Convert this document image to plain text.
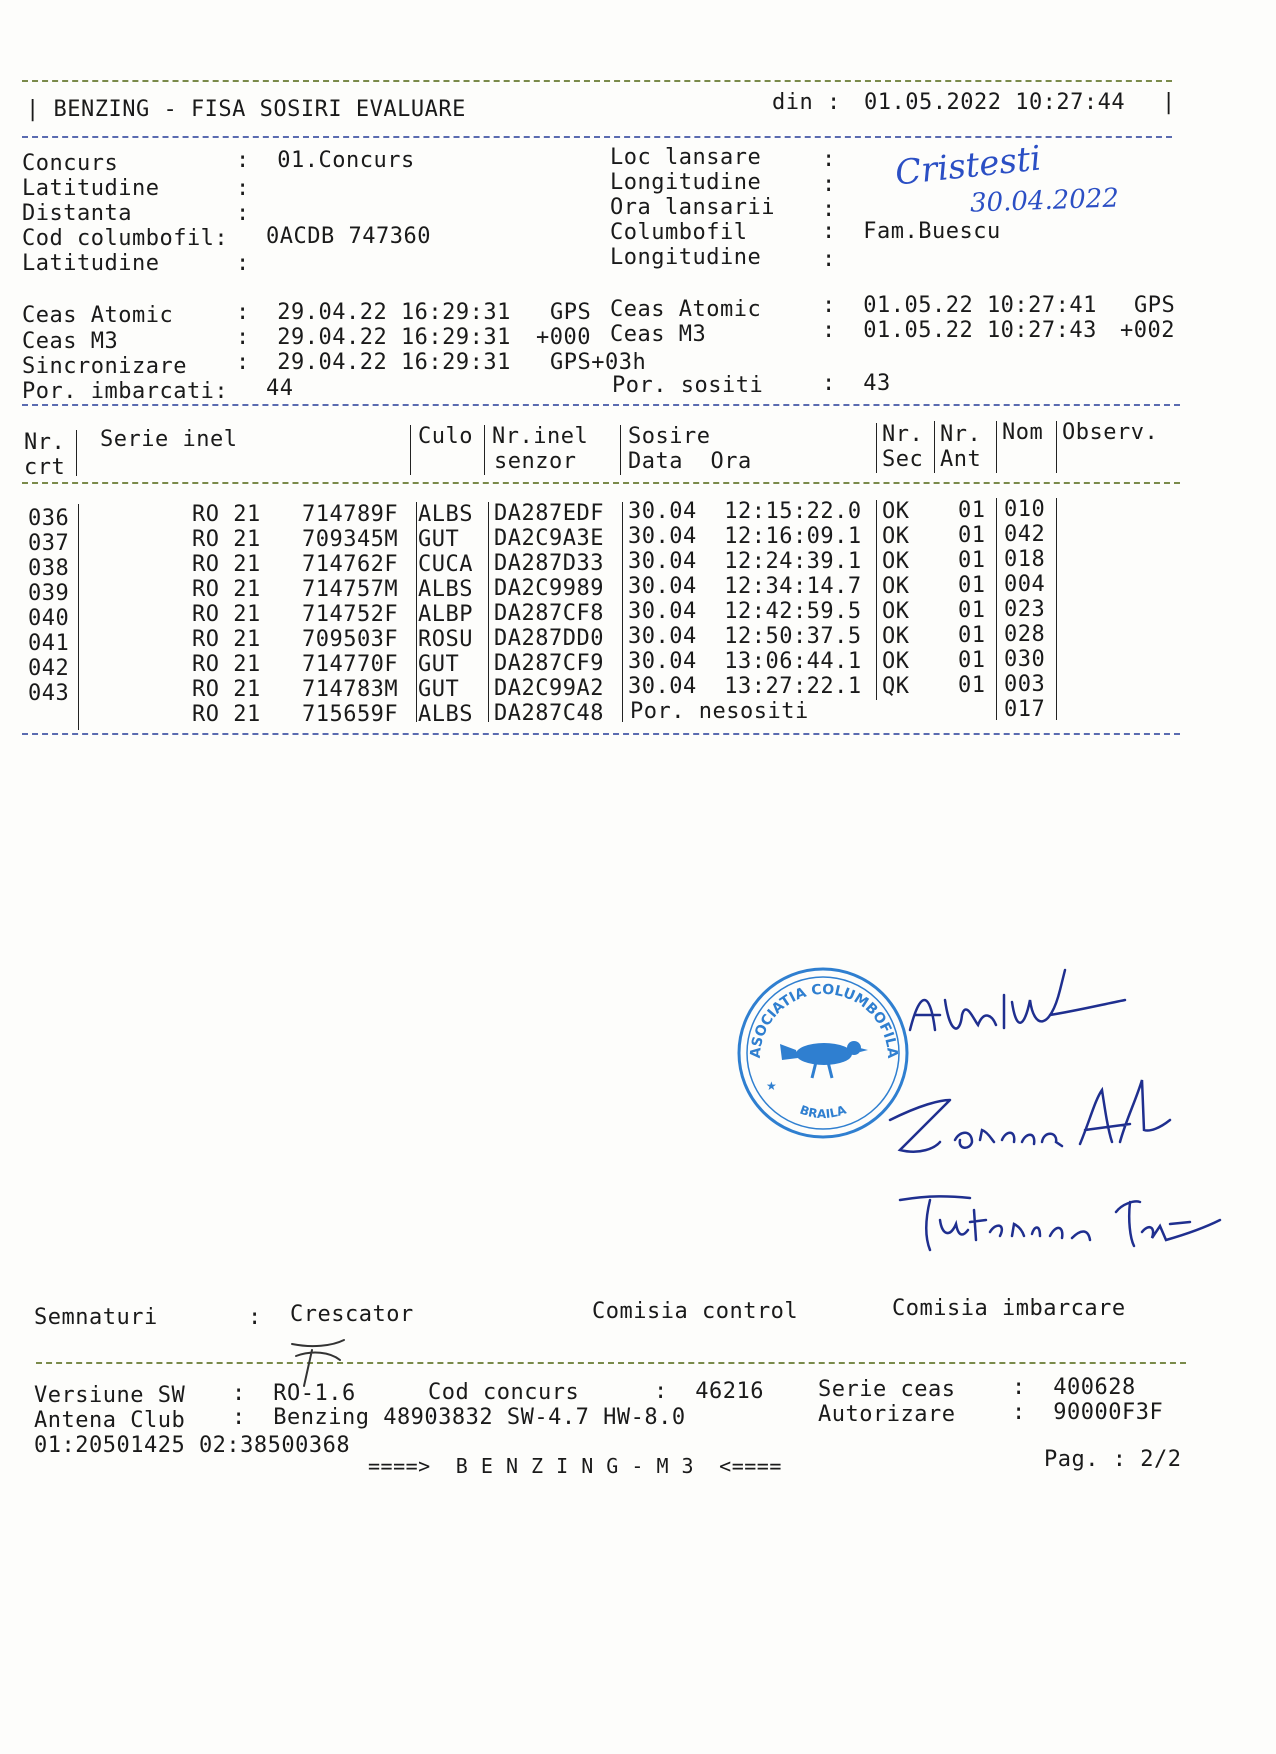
| BENZING - FISA SOSIRI EVALUARE	din : 01.05.2022 10:27:44 |
Concurs	:  01.Concurs
Latitudine	:
Distanta	:
Cod columbofil: 0ACDB 747360
Latitudine	:
Loc lansare	:
Longitudine	:
Ora lansarii :
Columbofil	:  Fam.Buescu
Longitudine	:
Cristesti
30.04.2022
Ceas Atomic	:  29.04.22 16:29:31 GPS
Ceas M3	:  29.04.22 16:29:31 +000
Sincronizare :  29.04.22 16:29:31 GPS+03h
Por. imbarcati: 44
Ceas Atomic	:  01.05.22 10:27:41 GPS
Ceas M3	:  01.05.22 10:27:43 +002
Por. sositi	:  43
Nr.
crt
Serie inel	Culo Nr.inel
senzor
Sosire
Data  Ora
Nr.
Sec
Nr.
Ant
Nom Observ.
036	RO 21   714789F ALBS DA287EDF 30.04  12:15:22.0 OK 01 010
037	RO 21   709345M GUT DA2C9A3E 30.04  12:16:09.1 OK 01 042
038	RO 21   714762F CUCA DA287D33 30.04  12:24:39.1 OK 01 018
039	RO 21   714757M ALBS DA2C9989 30.04  12:34:14.7 OK 01 004
040	RO 21   714752F ALBP DA287CF8 30.04  12:42:59.5 OK 01 023
041	RO 21   709503F ROSU DA287DD0 30.04  12:50:37.5 OK 01 028
042	RO 21   714770F GUT DA287CF9 30.04  13:06:44.1 OK 01 030
043	RO 21   714783M GUT DA2C99A2 30.04  13:27:22.1 QK 01 003
RO 21   715659F ALBS DA287C48 Por. nesositi	017
ASOCIATIA COLUMBOFILA
BRAILA
★
Semnaturi	: Crescator	Comisia control	Comisia imbarcare
Versiune SW :  RO-1.6	Cod concurs	:  46216 Serie ceas	:  400628
Antena Club :  Benzing 48903832 SW-4.7 HW-8.0	Autorizare	:  90000F3F
01:20501425 02:38500368
====>  B E N Z I N G - M 3  <====	Pag. : 2/2
